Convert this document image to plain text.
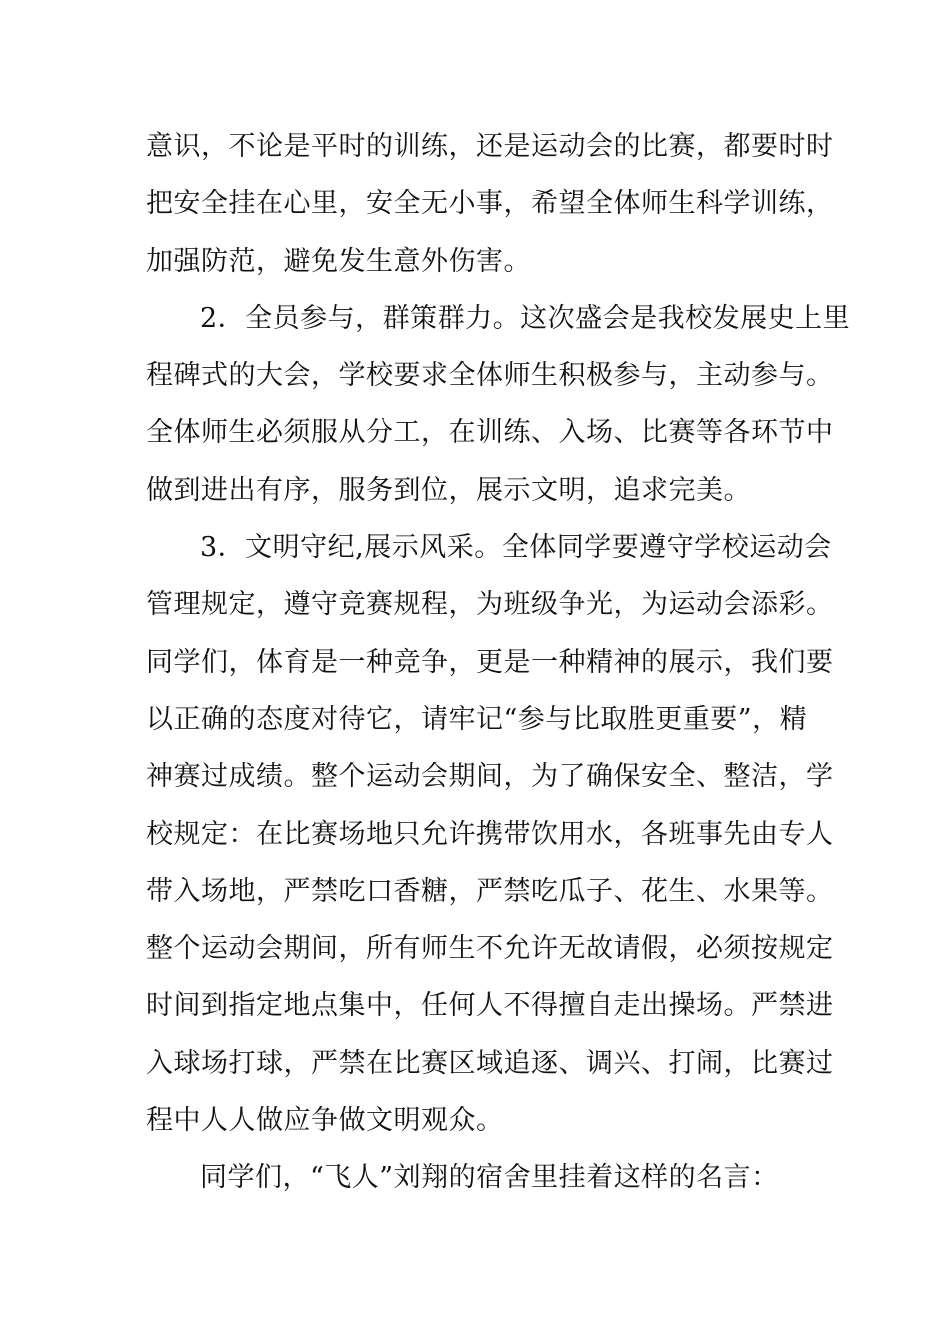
意识，不论是平时的训练，还是运动会的比赛，都要时时
把安全挂在心里，安全无小事，希望全体师生科学训练，
加强防范，避免发生意外伤害。
2．全员参与，群策群力。这次盛会是我校发展史上里
程碑式的大会，学校要求全体师生积极参与，主动参与。
全体师生必须服从分工，在训练、入场、比赛等各环节中
做到进出有序，服务到位，展示文明，追求完美。
3．文明守纪,展示风采。全体同学要遵守学校运动会
管理规定，遵守竞赛规程，为班级争光，为运动会添彩。
同学们，体育是一种竞争，更是一种精神的展示，我们要
以正确的态度对待它，请牢记“参与比取胜更重要”，精
神赛过成绩。整个运动会期间，为了确保安全、整洁，学
校规定：在比赛场地只允许携带饮用水，各班事先由专人
带入场地，严禁吃口香糖，严禁吃瓜子、花生、水果等。
整个运动会期间，所有师生不允许无故请假，必须按规定
时间到指定地点集中，任何人不得擅自走出操场。严禁进
入球场打球，严禁在比赛区域追逐、调兴、打闹，比赛过
程中人人做应争做文明观众。
同学们，“飞人”刘翔的宿舍里挂着这样的名言：
